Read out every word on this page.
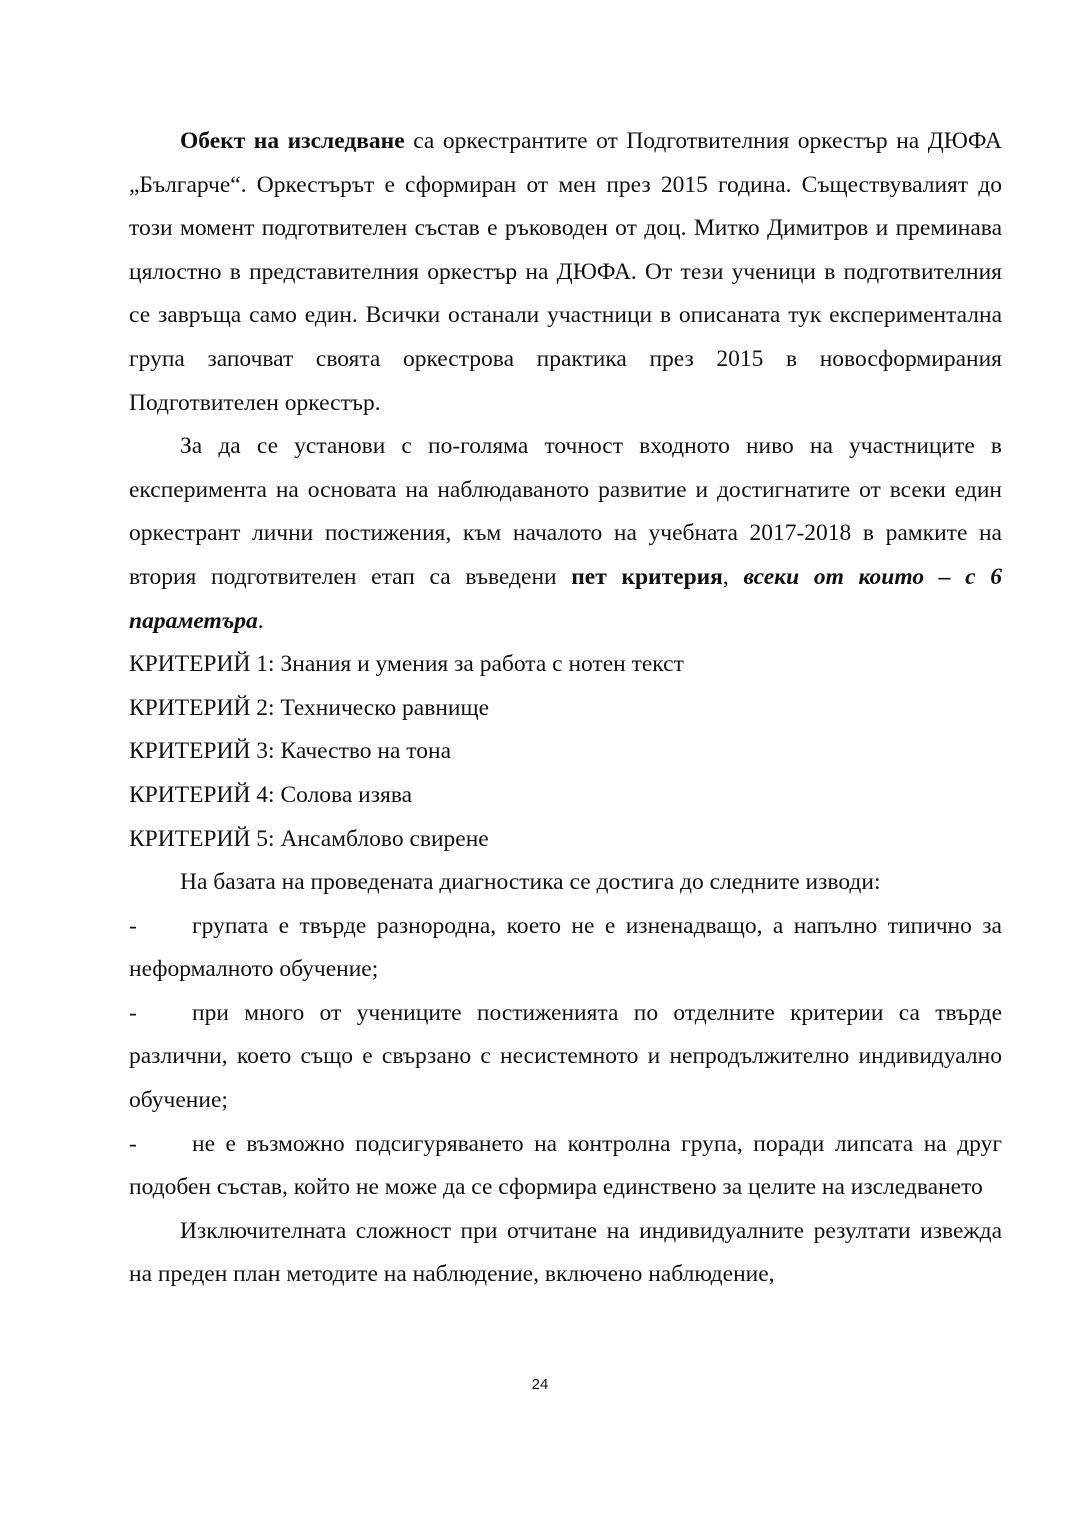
Обект на изследване са оркестрантите от Подготвителния оркестър на ДЮФА „Българче“. Оркестърът е сформиран от мен през 2015 година. Съществувалият до този момент подготвителен състав е ръководен от доц. Митко Димитров и преминава цялостно в представителния оркестър на ДЮФА. От тези ученици в подготвителния се завръща само един. Всички останали участници в описаната тук експериментална група започват своята оркестрова практика през 2015 в новосформирания Подготвителен оркестър.

За да се установи с по-голяма точност входното ниво на участниците в експеримента на основата на наблюдаваното развитие и достигнатите от всеки един оркестрант лични постижения, към началото на учебната 2017-2018 в рамките на втория подготвителен етап са въведени пет критерия, всеки от които – с 6 параметъра.

КРИТЕРИЙ 1: Знания и умения за работа с нотен текст

КРИТЕРИЙ 2: Техническо равнище

КРИТЕРИЙ 3: Качество на тона

КРИТЕРИЙ 4: Солова изява

КРИТЕРИЙ 5: Ансамблово свирене

На базата на проведената диагностика се достига до следните изводи:

- групата е твърде разнородна, което не е изненадващо, а напълно типично за неформалното обучение;

- при много от учениците постиженията по отделните критерии са твърде различни, което също е свързано с несистемното и непродължително индивидуално обучение;

- не е възможно подсигуряването на контролна група, поради липсата на друг подобен състав, който не може да се сформира единствено за целите на изследването

Изключителната сложност при отчитане на индивидуалните резултати извежда на преден план методите на наблюдение, включено наблюдение,

24
